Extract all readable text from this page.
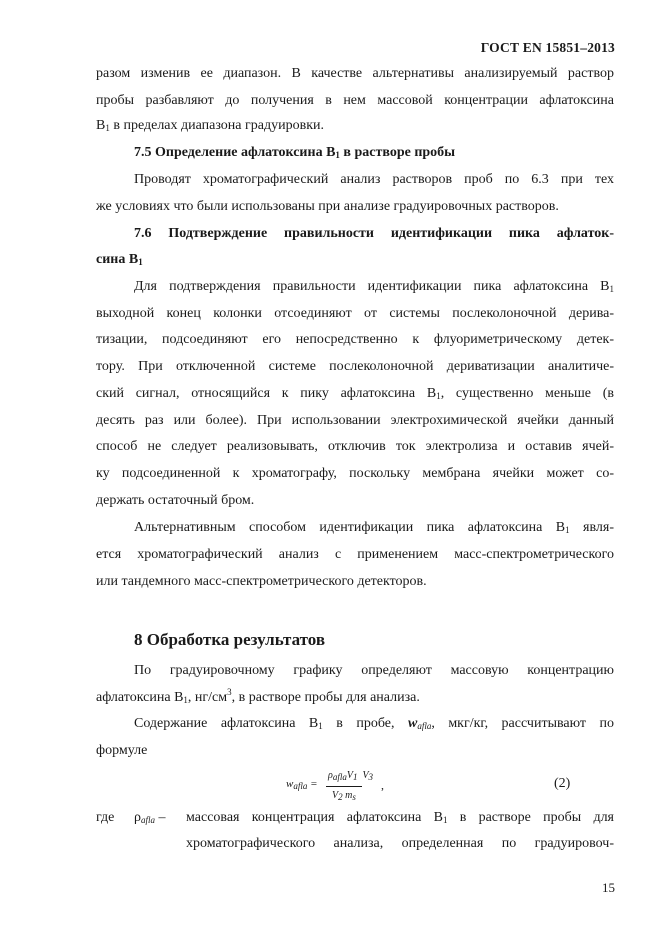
ГОСТ EN 15851–2013
разом изменив ее диапазон. В качестве альтернативы анализируемый раствор
пробы разбавляют до получения в нем массовой концентрации афлатоксина
$B_1$ в пределах диапазона градуировки.
7.5 Определение афлатоксина $B_1$ в растворе пробы
Проводят хроматографический анализ растворов проб по 6.3 при тех
же условиях что были использованы при анализе градуировочных растворов.
7.6 Подтверждение правильности идентификации пика афлаток-
сина $B_1$
Для подтверждения правильности идентификации пика афлатоксина $B_1$
выходной конец колонки отсоединяют от системы послеколоночной дерива-
тизации, подсоединяют его непосредственно к флуориметрическому детек-
тору. При отключенной системе послеколоночной дериватизации аналитиче-
ский сигнал, относящийся к пику афлатоксина $B_1$, существенно меньше (в
десять раз или более). При использовании электрохимической ячейки данный
способ не следует реализовывать, отключив ток электролиза и оставив ячей-
ку подсоединенной к хроматографу, поскольку мембрана ячейки может со-
держать остаточный бром.
Альтернативным способом идентификации пика афлатоксина $B_1$ явля-
ется хроматографический анализ с применением масс-спектрометрического
или тандемного масс-спектрометрического детекторов.
8 Обработка результатов
По градуировочному графику определяют массовую концентрацию
афлатоксина $B_1$, $нг/см^3$, в растворе пробы для анализа.
Содержание афлатоксина $B_1$ в пробе, $w_{afla}$, мкг/кг, рассчитывают по
формуле
$w_{afla}$ =
$\rho_{afla}V_1$ $V_3$
$V_2$ $m_s$
,	(2)
где $\rho_{afla}$ – массовая концентрация афлатоксина $B_1$ в растворе пробы для
хроматографического анализа, определенная по градуировоч-
15
